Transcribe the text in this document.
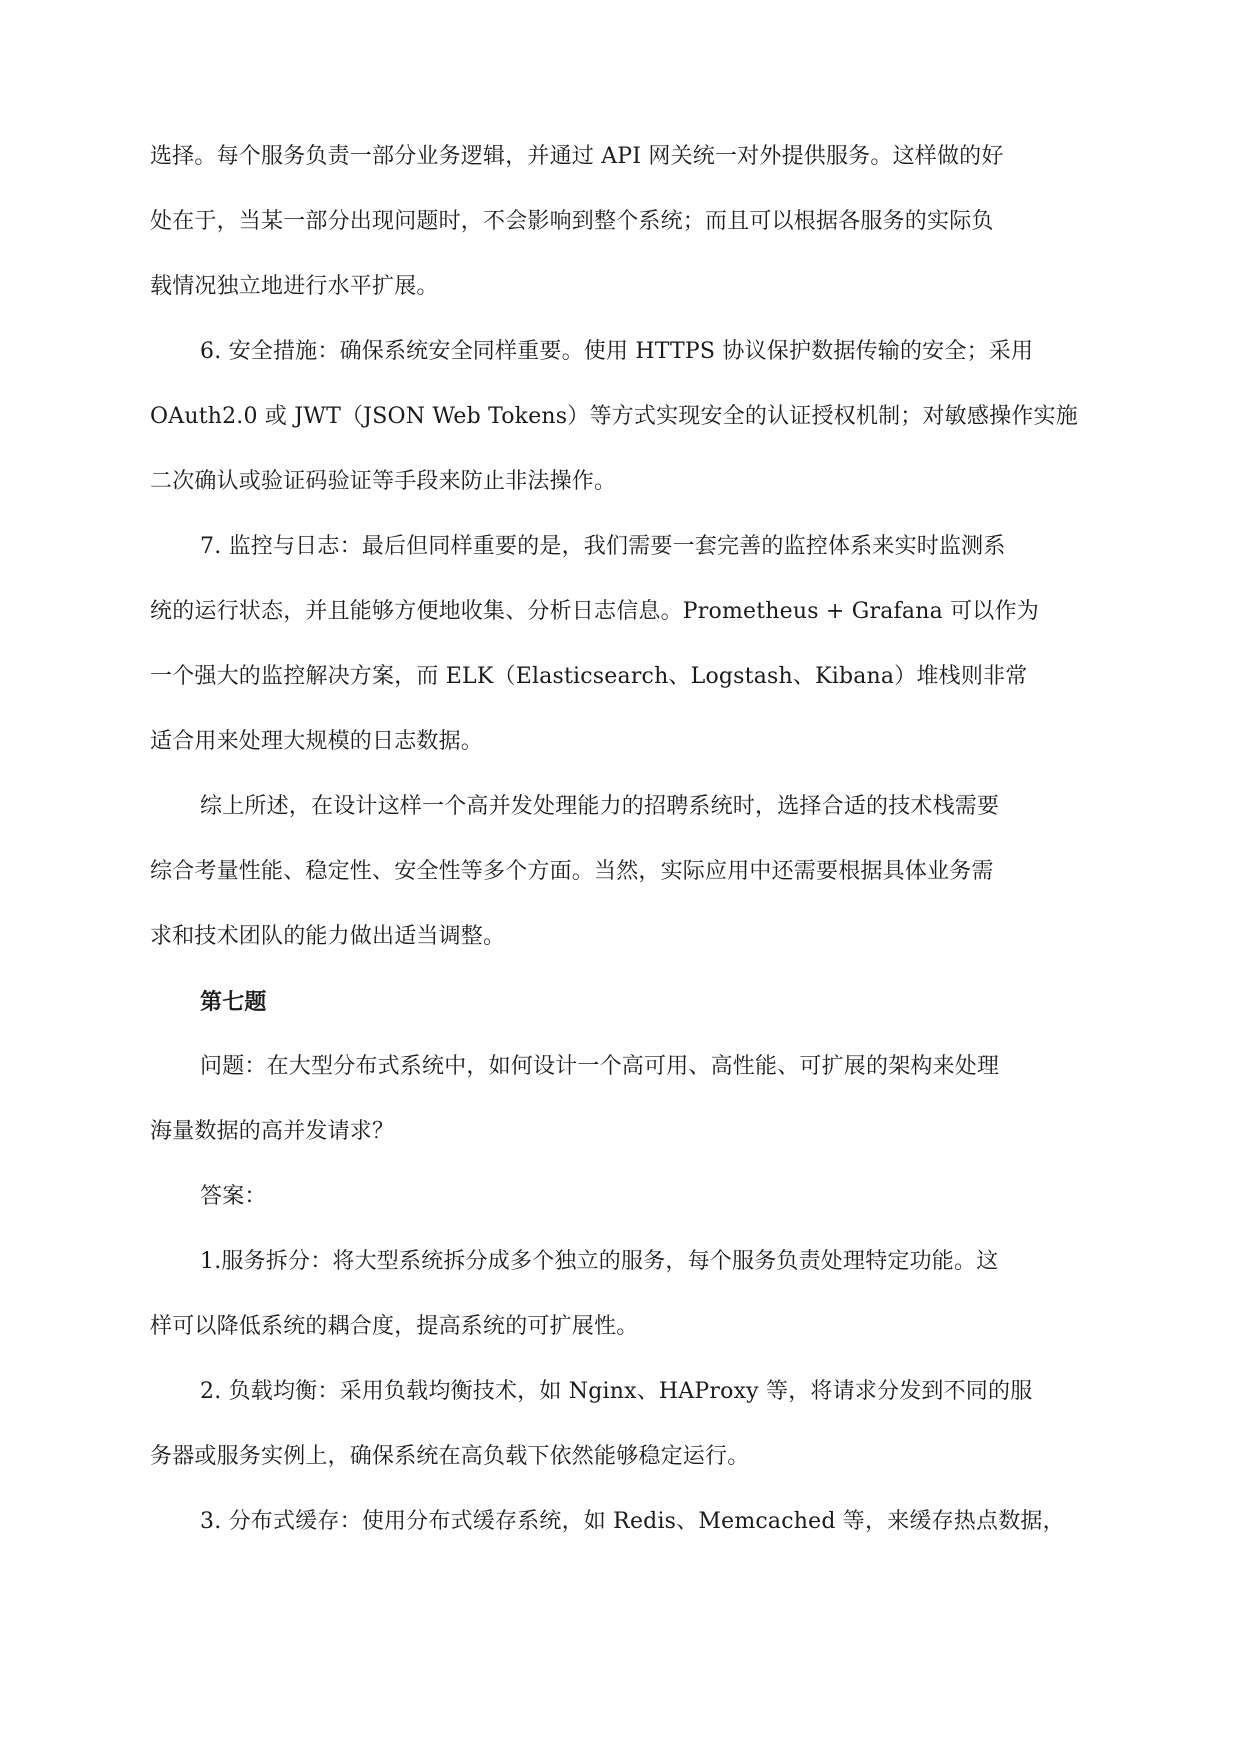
选择。每个服务负责一部分业务逻辑，并通过 API 网关统一对外提供服务。这样做的好
处在于，当某一部分出现问题时，不会影响到整个系统；而且可以根据各服务的实际负
载情况独立地进行水平扩展。
6. 安全措施：确保系统安全同样重要。使用 HTTPS 协议保护数据传输的安全；采用
OAuth2.0 或 JWT（JSON Web Tokens）等方式实现安全的认证授权机制；对敏感操作实施
二次确认或验证码验证等手段来防止非法操作。
7. 监控与日志：最后但同样重要的是，我们需要一套完善的监控体系来实时监测系
统的运行状态，并且能够方便地收集、分析日志信息。Prometheus + Grafana 可以作为
一个强大的监控解决方案，而 ELK（Elasticsearch、Logstash、Kibana）堆栈则非常
适合用来处理大规模的日志数据。
综上所述，在设计这样一个高并发处理能力的招聘系统时，选择合适的技术栈需要
综合考量性能、稳定性、安全性等多个方面。当然，实际应用中还需要根据具体业务需
求和技术团队的能力做出适当调整。
第七题
问题：在大型分布式系统中，如何设计一个高可用、高性能、可扩展的架构来处理
海量数据的高并发请求？
答案：
1.服务拆分：将大型系统拆分成多个独立的服务，每个服务负责处理特定功能。这
样可以降低系统的耦合度，提高系统的可扩展性。
2. 负载均衡：采用负载均衡技术，如 Nginx、HAProxy 等，将请求分发到不同的服
务器或服务实例上，确保系统在高负载下依然能够稳定运行。
3. 分布式缓存：使用分布式缓存系统，如 Redis、Memcached 等，来缓存热点数据，
